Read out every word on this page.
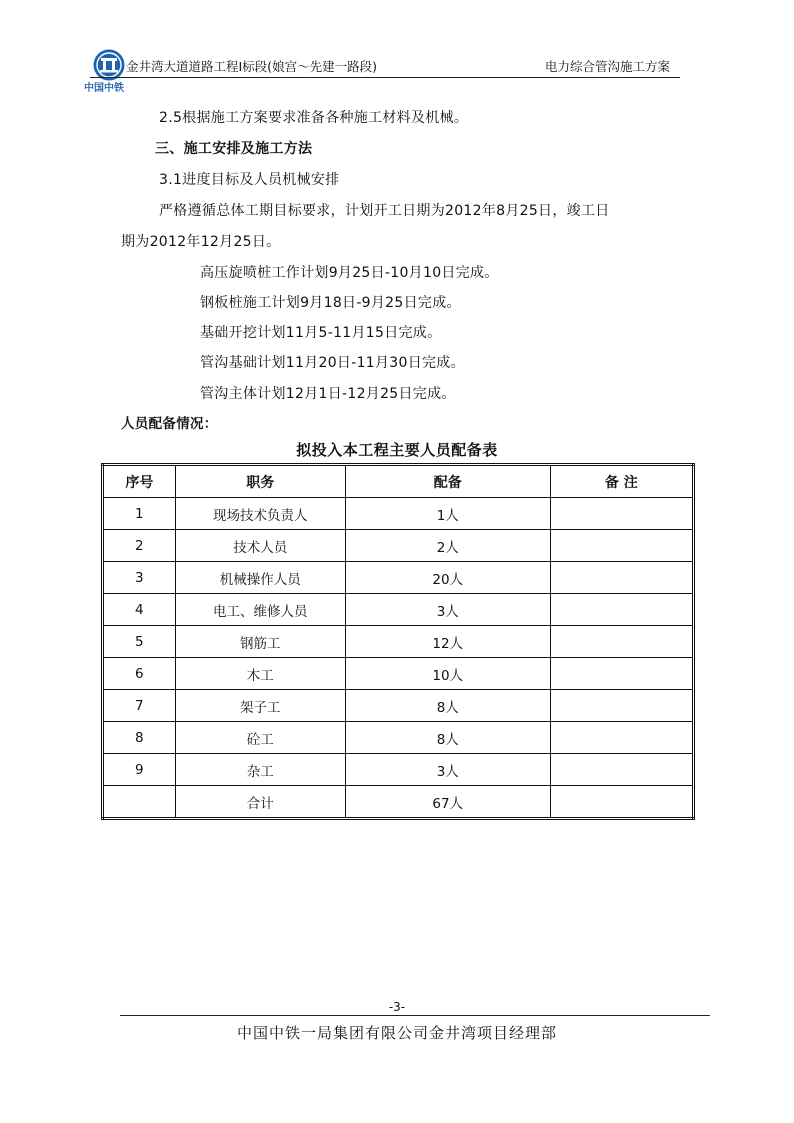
中国中铁
金井湾大道道路工程Ⅰ标段(娘宫～先建一路段)	电力综合管沟施工方案
2.5根据施工方案要求准备各种施工材料及机械。
三、施工安排及施工方法
3.1进度目标及人员机械安排
严格遵循总体工期目标要求，计划开工日期为2012年8月25日，竣工日
期为2012年12月25日。
高压旋喷桩工作计划9月25日-10月10日完成。
钢板桩施工计划9月18日-9月25日完成。
基础开挖计划11月5-11月15日完成。
管沟基础计划11月20日-11月30日完成。
管沟主体计划12月1日-12月25日完成。
人员配备情况：
拟投入本工程主要人员配备表
序号	职务	配备	备 注
1	现场技术负责人	1人	
2	技术人员	2人	
3	机械操作人员	20人	
4	电工、维修人员	3人	
5	钢筋工	12人	
6	木工	10人	
7	架子工	8人	
8	砼工	8人	
9	杂工	3人	
	合计	67人	
-3-
中国中铁一局集团有限公司金井湾项目经理部
